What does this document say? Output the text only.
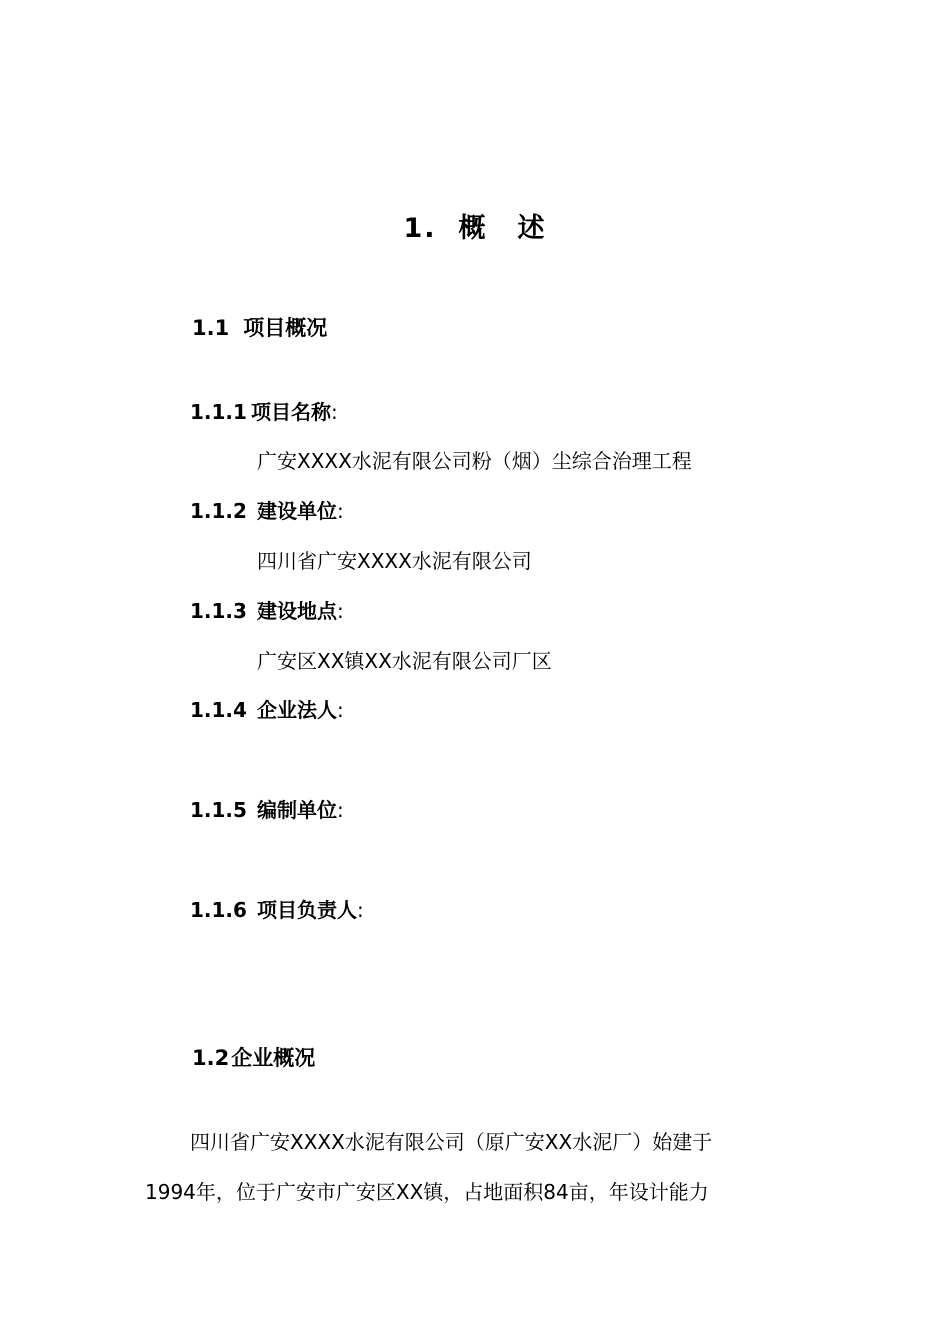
1. 概 述
1.1 项目概况
1.1.1 项目名称:
广安XXXX水泥有限公司粉（烟）尘综合治理工程
1.1.2 建设单位:
四川省广安XXXX水泥有限公司
1.1.3 建设地点:
广安区XX镇XX水泥有限公司厂区
1.1.4 企业法人:
1.1.5 编制单位:
1.1.6 项目负责人:
1.2企业概况
四川省广安XXXX水泥有限公司（原广安XX水泥厂）始建于
1994年，位于广安市广安区XX镇，占地面积84亩，年设计能力
